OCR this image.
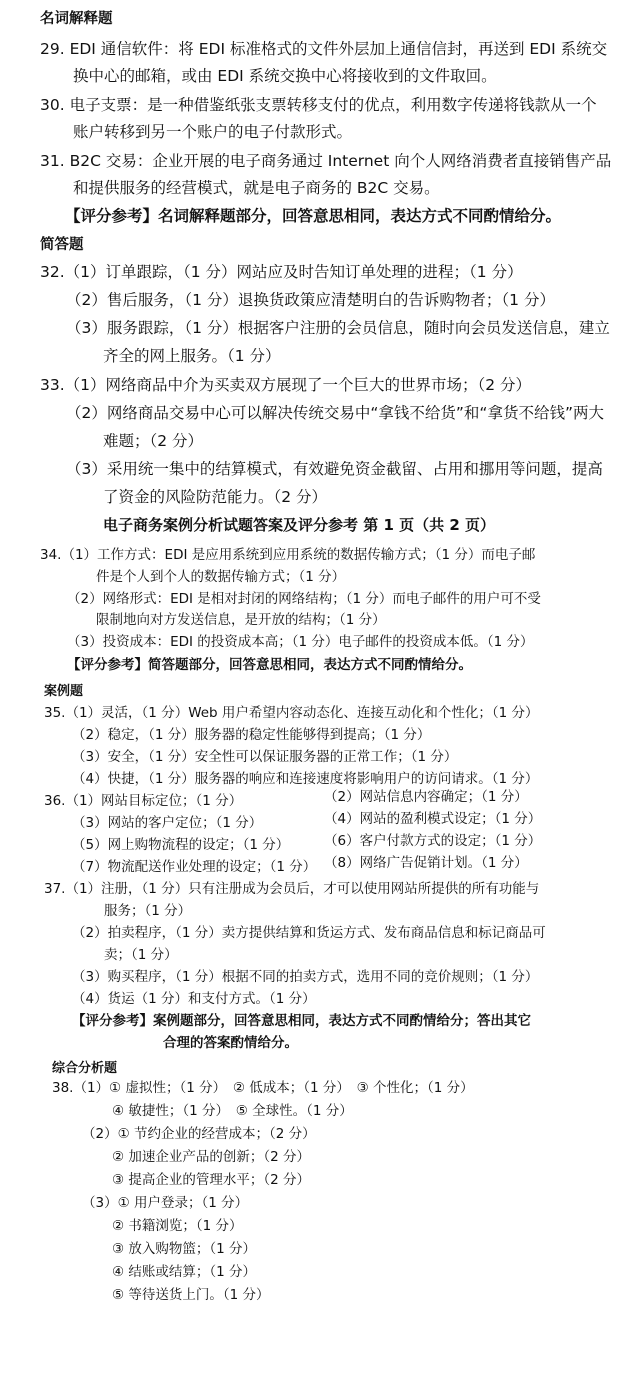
名词解释题
29. EDI 通信软件：将 EDI 标准格式的文件外层加上通信信封，再送到 EDI 系统交
换中心的邮箱，或由 EDI 系统交换中心将接收到的文件取回。
30. 电子支票：是一种借鉴纸张支票转移支付的优点，利用数字传递将钱款从一个
账户转移到另一个账户的电子付款形式。
31. B2C 交易：企业开展的电子商务通过 Internet 向个人网络消费者直接销售产品
和提供服务的经营模式，就是电子商务的 B2C 交易。
【评分参考】名词解释题部分，回答意思相同，表达方式不同酌情给分。
简答题
32.（1）订单跟踪，（1 分）网站应及时告知订单处理的进程；（1 分）
（2）售后服务，（1 分）退换货政策应清楚明白的告诉购物者；（1 分）
（3）服务跟踪，（1 分）根据客户注册的会员信息，随时向会员发送信息，建立
齐全的网上服务。（1 分）
33.（1）网络商品中介为买卖双方展现了一个巨大的世界市场；（2 分）
（2）网络商品交易中心可以解决传统交易中“拿钱不给货”和“拿货不给钱”两大
难题；（2 分）
（3）采用统一集中的结算模式，有效避免资金截留、占用和挪用等问题，提高
了资金的风险防范能力。（2 分）
电子商务案例分析试题答案及评分参考 第 1 页（共 2 页）
34.（1）工作方式：EDI 是应用系统到应用系统的数据传输方式；（1 分）而电子邮
件是个人到个人的数据传输方式；（1 分）
（2）网络形式：EDI 是相对封闭的网络结构；（1 分）而电子邮件的用户可不受
限制地向对方发送信息，是开放的结构；（1 分）
（3）投资成本：EDI 的投资成本高；（1 分）电子邮件的投资成本低。（1 分）
【评分参考】简答题部分，回答意思相同，表达方式不同酌情给分。
案例题
35.（1）灵活，（1 分）Web 用户希望内容动态化、连接互动化和个性化；（1 分）
（2）稳定，（1 分）服务器的稳定性能够得到提高；（1 分）
（3）安全，（1 分）安全性可以保证服务器的正常工作；（1 分）
（4）快捷，（1 分）服务器的响应和连接速度将影响用户的访问请求。（1 分）
36.（1）网站目标定位；（1 分）
（3）网站的客户定位；（1 分）
（5）网上购物流程的设定；（1 分）
（7）物流配送作业处理的设定；（1 分）
（2）网站信息内容确定；（1 分）
（4）网站的盈利模式设定；（1 分）
（6）客户付款方式的设定；（1 分）
（8）网络广告促销计划。（1 分）
37.（1）注册，（1 分）只有注册成为会员后，才可以使用网站所提供的所有功能与
服务；（1 分）
（2）拍卖程序，（1 分）卖方提供结算和货运方式、发布商品信息和标记商品可
卖；（1 分）
（3）购买程序，（1 分）根据不同的拍卖方式，选用不同的竞价规则；（1 分）
（4）货运（1 分）和支付方式。（1 分）
【评分参考】案例题部分，回答意思相同，表达方式不同酌情给分；答出其它
合理的答案酌情给分。
综合分析题
38.（1）① 虚拟性；（1 分）　② 低成本；（1 分）　③ 个性化；（1 分）
④ 敏捷性；（1 分）　⑤ 全球性。（1 分）
（2）① 节约企业的经营成本；（2 分）
② 加速企业产品的创新；（2 分）
③ 提高企业的管理水平；（2 分）
（3）① 用户登录；（1 分）
② 书籍浏览；（1 分）
③ 放入购物篮；（1 分）
④ 结账或结算；（1 分）
⑤ 等待送货上门。（1 分）
